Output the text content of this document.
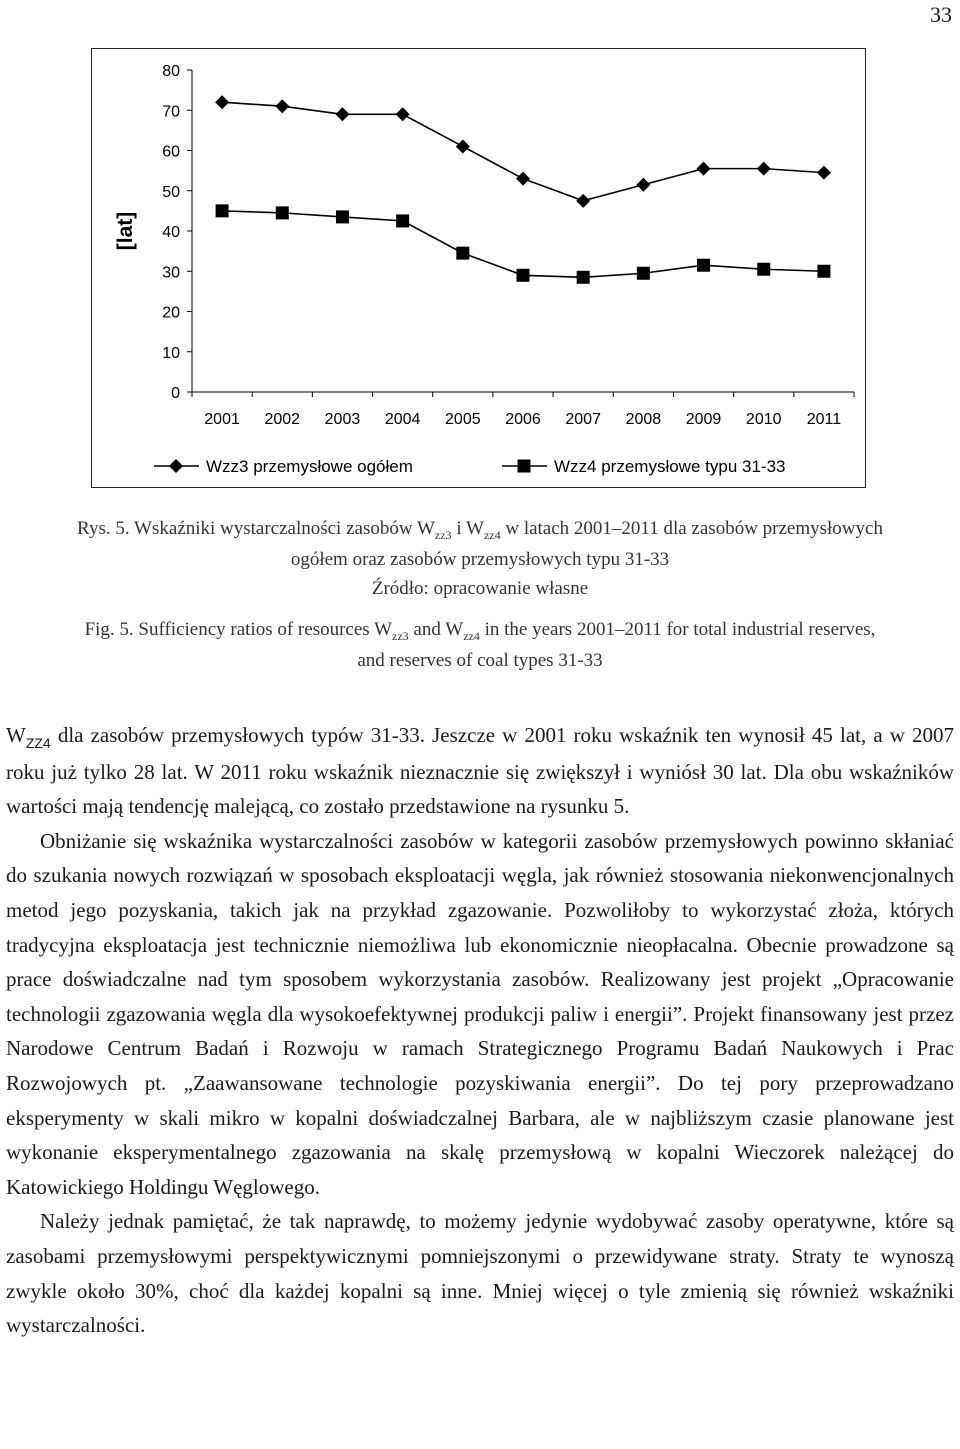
33
0
10
20
30
40
50
60
70
80
2001 2002 2003 2004 2005 2006 2007 2008 2009 2010 2011
[lat]
Wzz3 przemysłowe ogółem	Wzz4 przemysłowe typu 31-33
Rys. 5. Wskaźniki wystarczalności zasobów $W_{zz3}$ i $W_{zz4}$ w latach 2001–2011 dla zasobów przemysłowych
ogółem oraz zasobów przemysłowych typu 31-33
Źródło: opracowanie własne
Fig. 5. Sufficiency ratios of resources $W_{zz3}$ and $W_{zz4}$ in the years 2001–2011 for total industrial reserves,
and reserves of coal types 31-33

$W_{ZZ4}$ dla zasobów przemysłowych typów 31-33. Jeszcze w 2001 roku wskaźnik ten wynosił 45 lat, a w 2007 roku już tylko 28 lat. W 2011 roku wskaźnik nieznacznie się zwiększył i wyniósł 30 lat. Dla obu wskaźników wartości mają tendencję malejącą, co zostało przedstawione na rysunku 5.

Obniżanie się wskaźnika wystarczalności zasobów w kategorii zasobów przemysłowych powinno skłaniać do szukania nowych rozwiązań w sposobach eksploatacji węgla, jak również stosowania niekonwencjonalnych metod jego pozyskania, takich jak na przykład zgazowanie. Pozwoliłoby to wykorzystać złoża, których tradycyjna eksploatacja jest technicznie niemożliwa lub ekonomicznie nieopłacalna. Obecnie prowadzone są prace doświadczalne nad tym sposobem wykorzystania zasobów. Realizowany jest projekt „Opracowanie technologii zgazowania węgla dla wysokoefektywnej produkcji paliw i energii”. Projekt finansowany jest przez Narodowe Centrum Badań i Rozwoju w ramach Strategicznego Programu Badań Naukowych i Prac Rozwojowych pt. „Zaawansowane technologie pozyskiwania energii”. Do tej pory przeprowadzano eksperymenty w skali mikro w kopalni doświadczalnej Barbara, ale w najbliższym czasie planowane jest wykonanie eksperymentalnego zgazowania na skalę przemysłową w kopalni Wieczorek należącej do Katowickiego Holdingu Węglowego.

Należy jednak pamiętać, że tak naprawdę, to możemy jedynie wydobywać zasoby operatywne, które są zasobami przemysłowymi perspektywicznymi pomniejszonymi o przewidywane straty. Straty te wynoszą zwykle około 30%, choć dla każdej kopalni są inne. Mniej więcej o tyle zmienią się również wskaźniki wystarczalności.
